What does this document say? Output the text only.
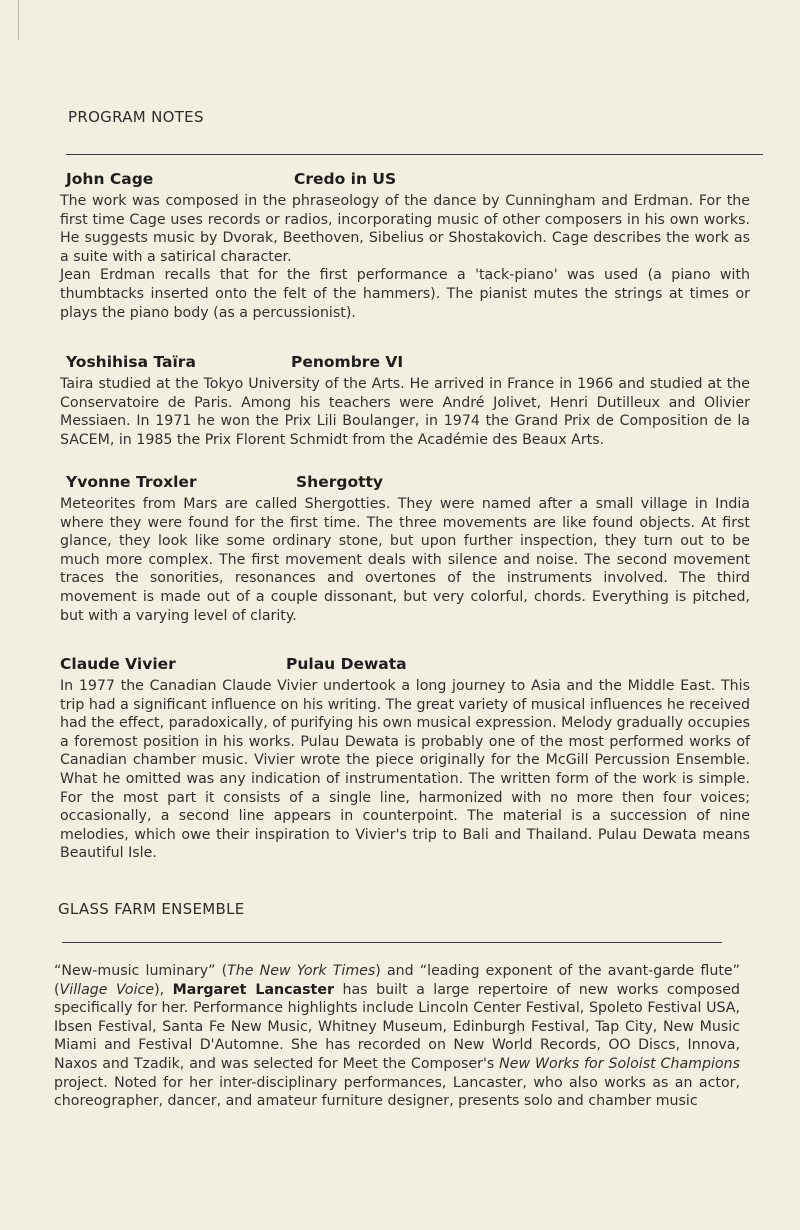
PROGRAM NOTES
John Cage	Credo in US

The work was composed in the phraseology of the dance by Cunningham and Erdman. For the first time Cage uses records or radios, incorporating music of other composers in his own works. He suggests music by Dvorak, Beethoven, Sibelius or Shostakovich. Cage describes the work as a suite with a satirical character.

Jean Erdman recalls that for the first performance a 'tack-piano' was used (a piano with thumbtacks inserted onto the felt of the hammers). The pianist mutes the strings at times or plays the piano body (as a percussionist).

Yoshihisa Taïra	Penombre VI

Taira studied at the Tokyo University of the Arts. He arrived in France in 1966 and studied at the Conservatoire de Paris. Among his teachers were André Jolivet, Henri Dutilleux and Olivier Messiaen. In 1971 he won the Prix Lili Boulanger, in 1974 the Grand Prix de Composition de la SACEM, in 1985 the Prix Florent Schmidt from the Académie des Beaux Arts.

Yvonne Troxler	Shergotty

Meteorites from Mars are called Shergotties. They were named after a small village in India where they were found for the first time. The three movements are like found objects. At first glance, they look like some ordinary stone, but upon further inspection, they turn out to be much more complex. The first movement deals with silence and noise. The second movement traces the sonorities, resonances and overtones of the instruments involved. The third movement is made out of a couple dissonant, but very colorful, chords. Everything is pitched, but with a varying level of clarity.

Claude Vivier	Pulau Dewata

In 1977 the Canadian Claude Vivier undertook a long journey to Asia and the Middle East. This trip had a significant influence on his writing. The great variety of musical influences he received had the effect, paradoxically, of purifying his own musical expression. Melody gradually occupies a foremost position in his works. Pulau Dewata is probably one of the most performed works of Canadian chamber music. Vivier wrote the piece originally for the McGill Percussion Ensemble. What he omitted was any indication of instrumentation. The written form of the work is simple. For the most part it consists of a single line, harmonized with no more then four voices; occasionally, a second line appears in counterpoint. The material is a succession of nine melodies, which owe their inspiration to Vivier's trip to Bali and Thailand. Pulau Dewata means Beautiful Isle.

GLASS FARM ENSEMBLE

“New-music luminary” (The New York Times) and “leading exponent of the avant-garde flute” (Village Voice), Margaret Lancaster has built a large repertoire of new works composed specifically for her. Performance highlights include Lincoln Center Festival, Spoleto Festival USA, Ibsen Festival, Santa Fe New Music, Whitney Museum, Edinburgh Festival, Tap City, New Music Miami and Festival D'Automne. She has recorded on New World Records, OO Discs, Innova, Naxos and Tzadik, and was selected for Meet the Composer's New Works for Soloist Champions project. Noted for her inter-disciplinary performances, Lancaster, who also works as an actor, choreographer, dancer, and amateur furniture designer, presents solo and chamber music
